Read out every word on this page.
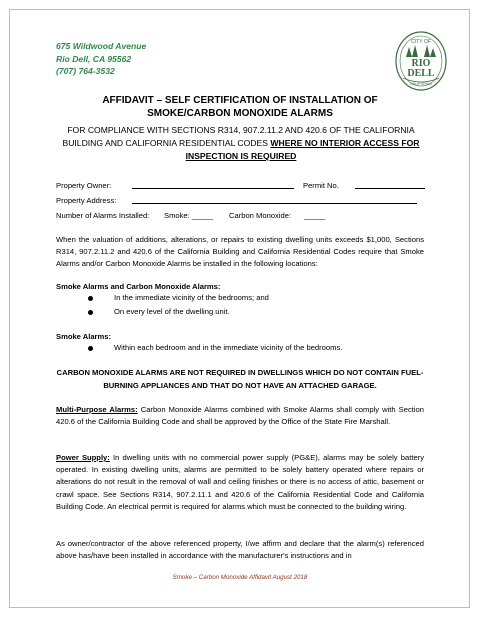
675 Wildwood Avenue
Rio Dell, CA 95562
(707) 764-3532
CITY OF
RIO
DELL
CALIFORNIA
AFFIDAVIT – SELF CERTIFICATION OF INSTALLATION OF
SMOKE/CARBON MONOXIDE ALARMS
FOR COMPLIANCE WITH SECTIONS R314, 907.2.11.2 AND 420.6 OF THE CALIFORNIA
BUILDING AND CALIFORNIA RESIDENTIAL CODES WHERE NO INTERIOR ACCESS FOR
INSPECTION IS REQUIRED
Property Owner:	Permit No.
Property Address:
Number of Alarms Installed: Smoke: _____ Carbon Monoxide: _____
When the valuation of additions, alterations, or repairs to existing dwelling units exceeds $1,000, Sections R314, 907.2.11.2 and 420.6 of the California Building and California Residential Codes require that Smoke Alarms and/or Carbon Monoxide Alarms be installed in the following locations:
Smoke Alarms and Carbon Monoxide Alarms:
In the immediate vicinity of the bedrooms; and
On every level of the dwelling unit.
Smoke Alarms:
Within each bedroom and in the immediate vicinity of the bedrooms.
CARBON MONOXIDE ALARMS ARE NOT REQUIRED IN DWELLINGS WHICH DO NOT CONTAIN FUEL-
BURNING APPLIANCES AND THAT DO NOT HAVE AN ATTACHED GARAGE.
Multi-Purpose Alarms: Carbon Monoxide Alarms combined with Smoke Alarms shall comply with Section 420.6 of the California Building Code and shall be approved by the Office of the State Fire Marshall.
Power Supply: In dwelling units with no commercial power supply (PG&E), alarms may be solely battery operated. In existing dwelling units, alarms are permitted to be solely battery operated where repairs or alterations do not result in the removal of wall and ceiling finishes or there is no access of attic, basement or crawl space. See Sections R314, 907.2.11.1 and 420.6 of the California Residential Code and California Building Code. An electrical permit is required for alarms which must be connected to the building wiring.
As owner/contractor of the above referenced property, I/we affirm and declare that the alarm(s) referenced above has/have been installed in accordance with the manufacturer's instructions and in
Smoke – Carbon Monoxide Affidavit August 2018
